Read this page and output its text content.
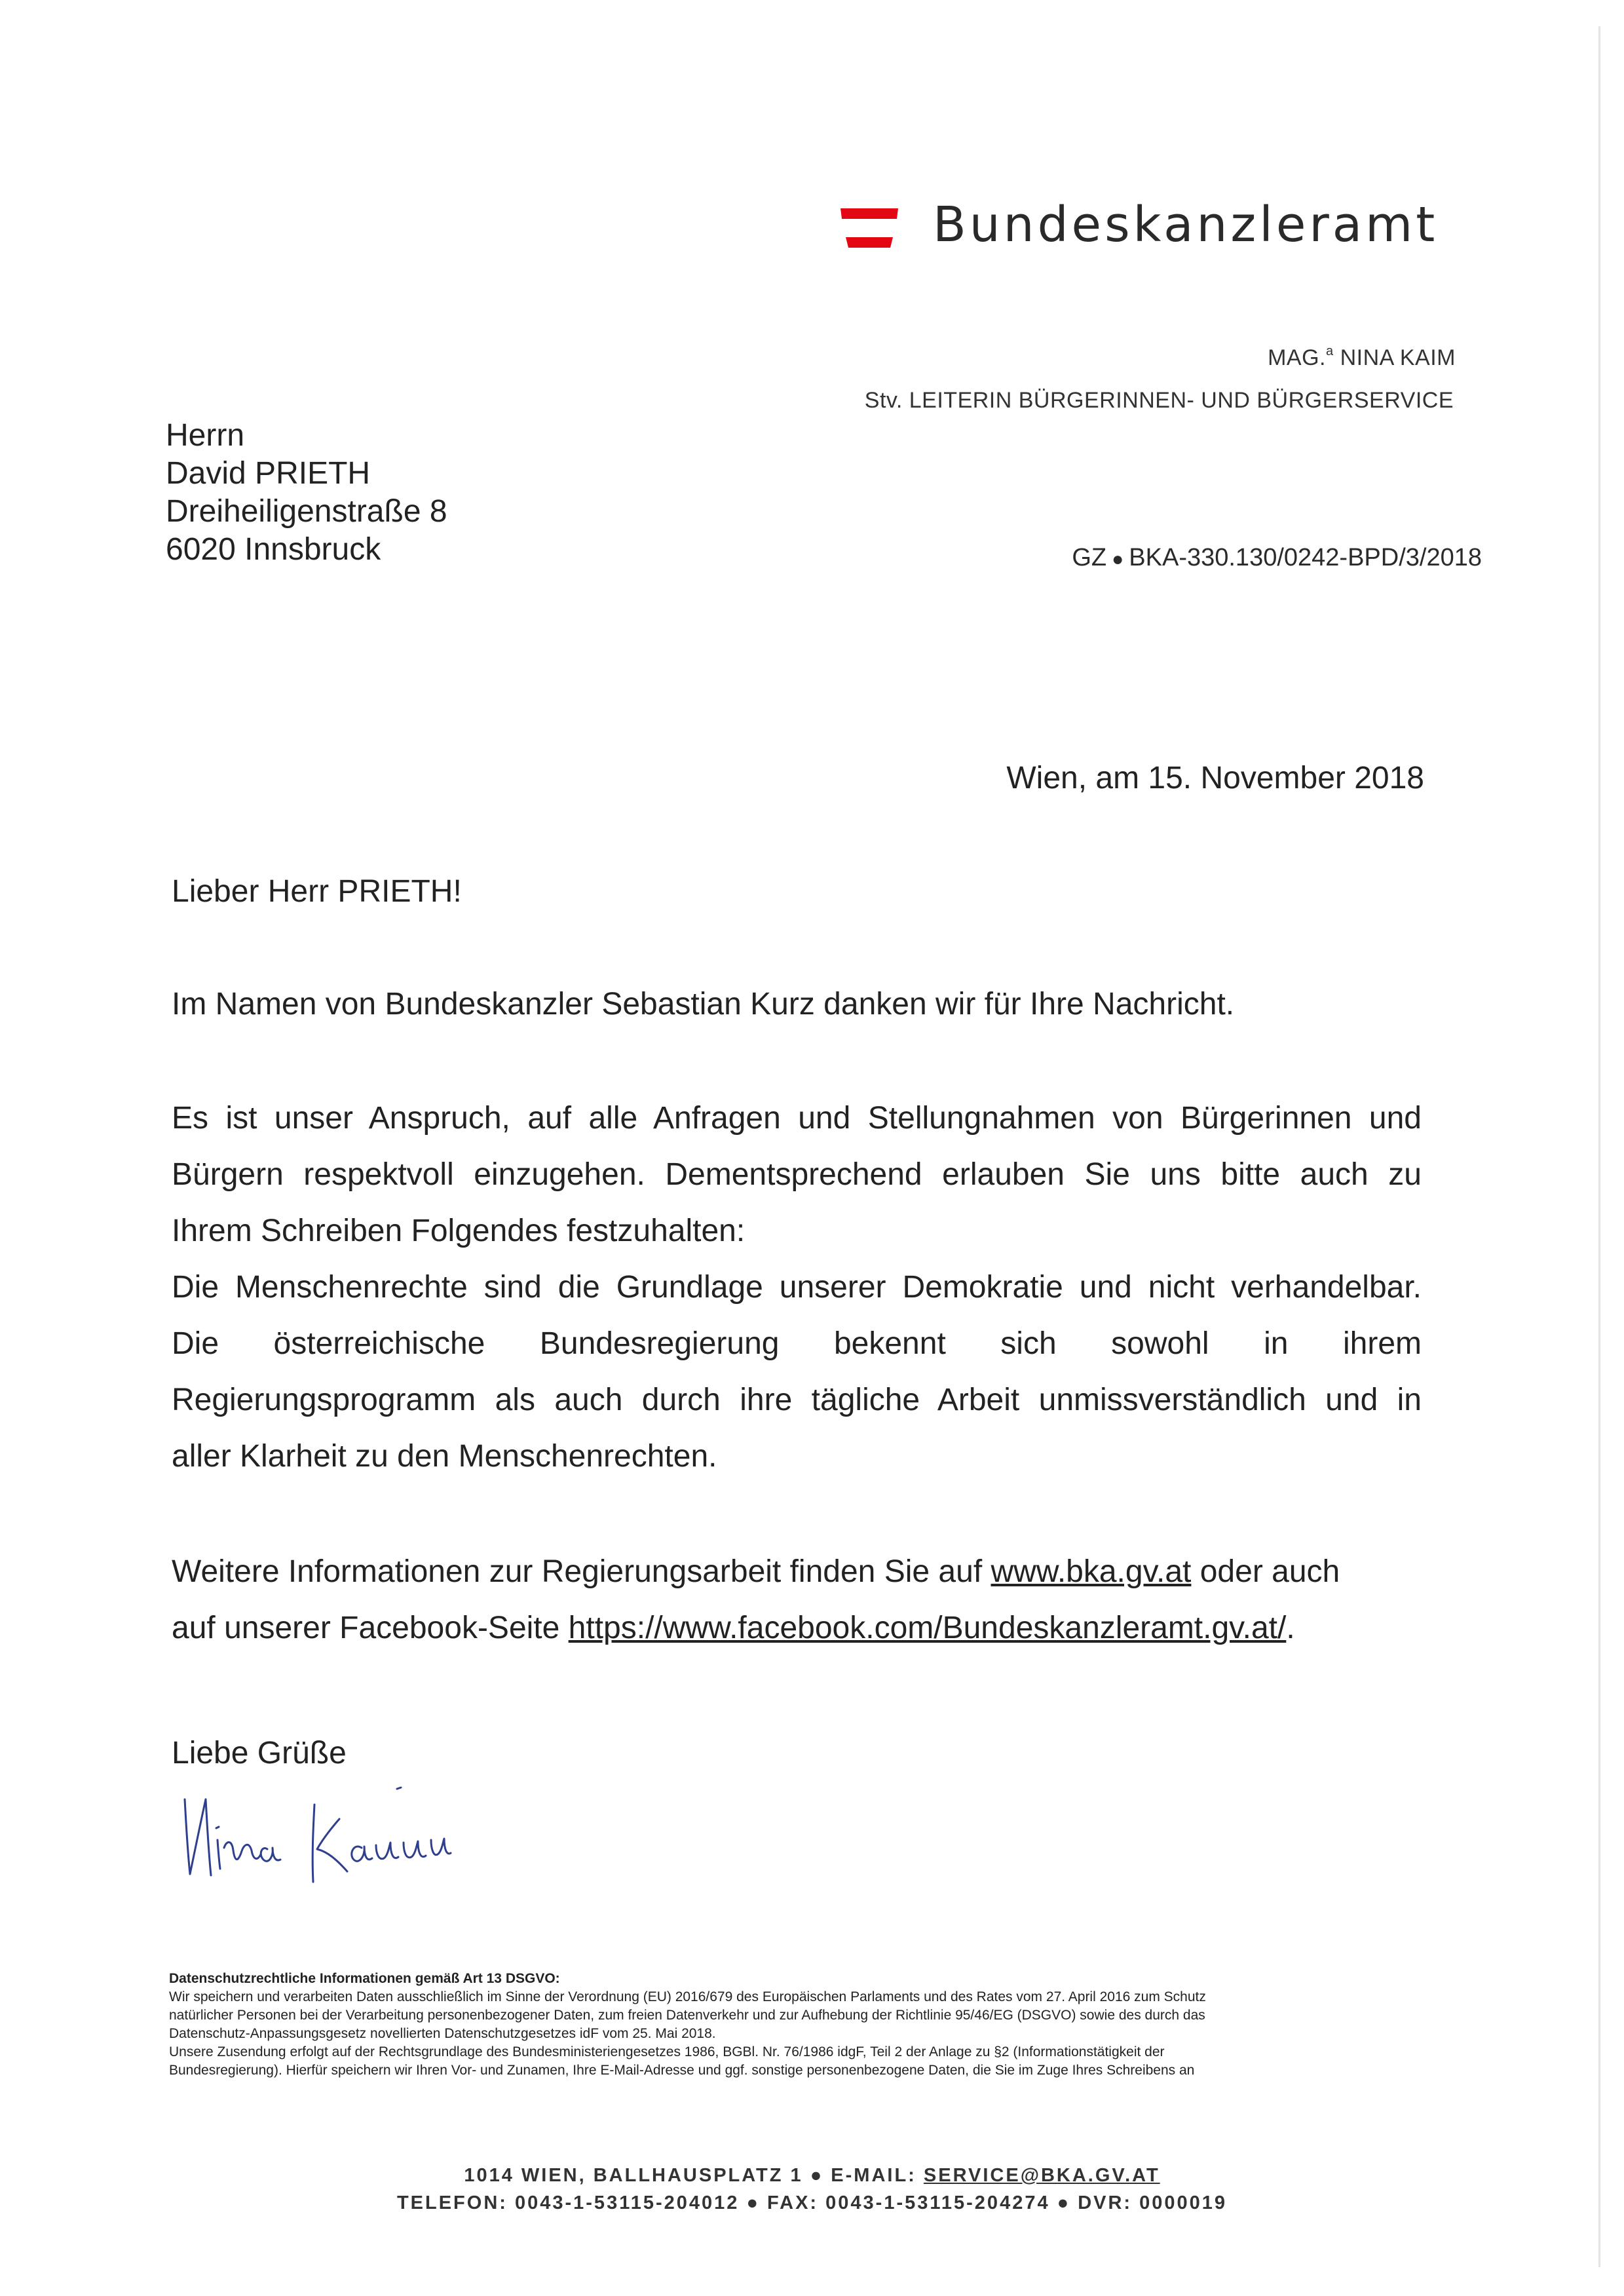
Bundeskanzleramt
MAG.$^a$ NINA KAIM
Stv. LEITERIN BÜRGERINNEN- UND BÜRGERSERVICE
Herrn
David PRIETH
Dreiheiligenstraße 8
6020 Innsbruck	GZ ● BKA-330.130/0242-BPD/3/2018
Wien, am 15. November 2018
Lieber Herr PRIETH!
Im Namen von Bundeskanzler Sebastian Kurz danken wir für Ihre Nachricht.
Es ist unser Anspruch, auf alle Anfragen und Stellungnahmen von Bürgerinnen und
Bürgern respektvoll einzugehen. Dementsprechend erlauben Sie uns bitte auch zu
Ihrem Schreiben Folgendes festzuhalten:
Die Menschenrechte sind die Grundlage unserer Demokratie und nicht verhandelbar.
Die österreichische Bundesregierung bekennt sich sowohl in ihrem
Regierungsprogramm als auch durch ihre tägliche Arbeit unmissverständlich und in
aller Klarheit zu den Menschenrechten.
Weitere Informationen zur Regierungsarbeit finden Sie auf www.bka.gv.at oder auch
auf unserer Facebook-Seite https://www.facebook.com/Bundeskanzleramt.gv.at/.
Liebe Grüße
Datenschutzrechtliche Informationen gemäß Art 13 DSGVO:
Wir speichern und verarbeiten Daten ausschließlich im Sinne der Verordnung (EU) 2016/679 des Europäischen Parlaments und des Rates vom 27. April 2016 zum Schutz
natürlicher Personen bei der Verarbeitung personenbezogener Daten, zum freien Datenverkehr und zur Aufhebung der Richtlinie 95/46/EG (DSGVO) sowie des durch das
Datenschutz-Anpassungsgesetz novellierten Datenschutzgesetzes idF vom 25. Mai 2018.
Unsere Zusendung erfolgt auf der Rechtsgrundlage des Bundesministeriengesetzes 1986, BGBl. Nr. 76/1986 idgF, Teil 2 der Anlage zu §2 (Informationstätigkeit der
Bundesregierung). Hierfür speichern wir Ihren Vor- und Zunamen, Ihre E-Mail-Adresse und ggf. sonstige personenbezogene Daten, die Sie im Zuge Ihres Schreibens an
1014 WIEN, BALLHAUSPLATZ 1 ● E-MAIL: SERVICE@BKA.GV.AT
TELEFON: 0043-1-53115-204012 ● FAX: 0043-1-53115-204274 ● DVR: 0000019
